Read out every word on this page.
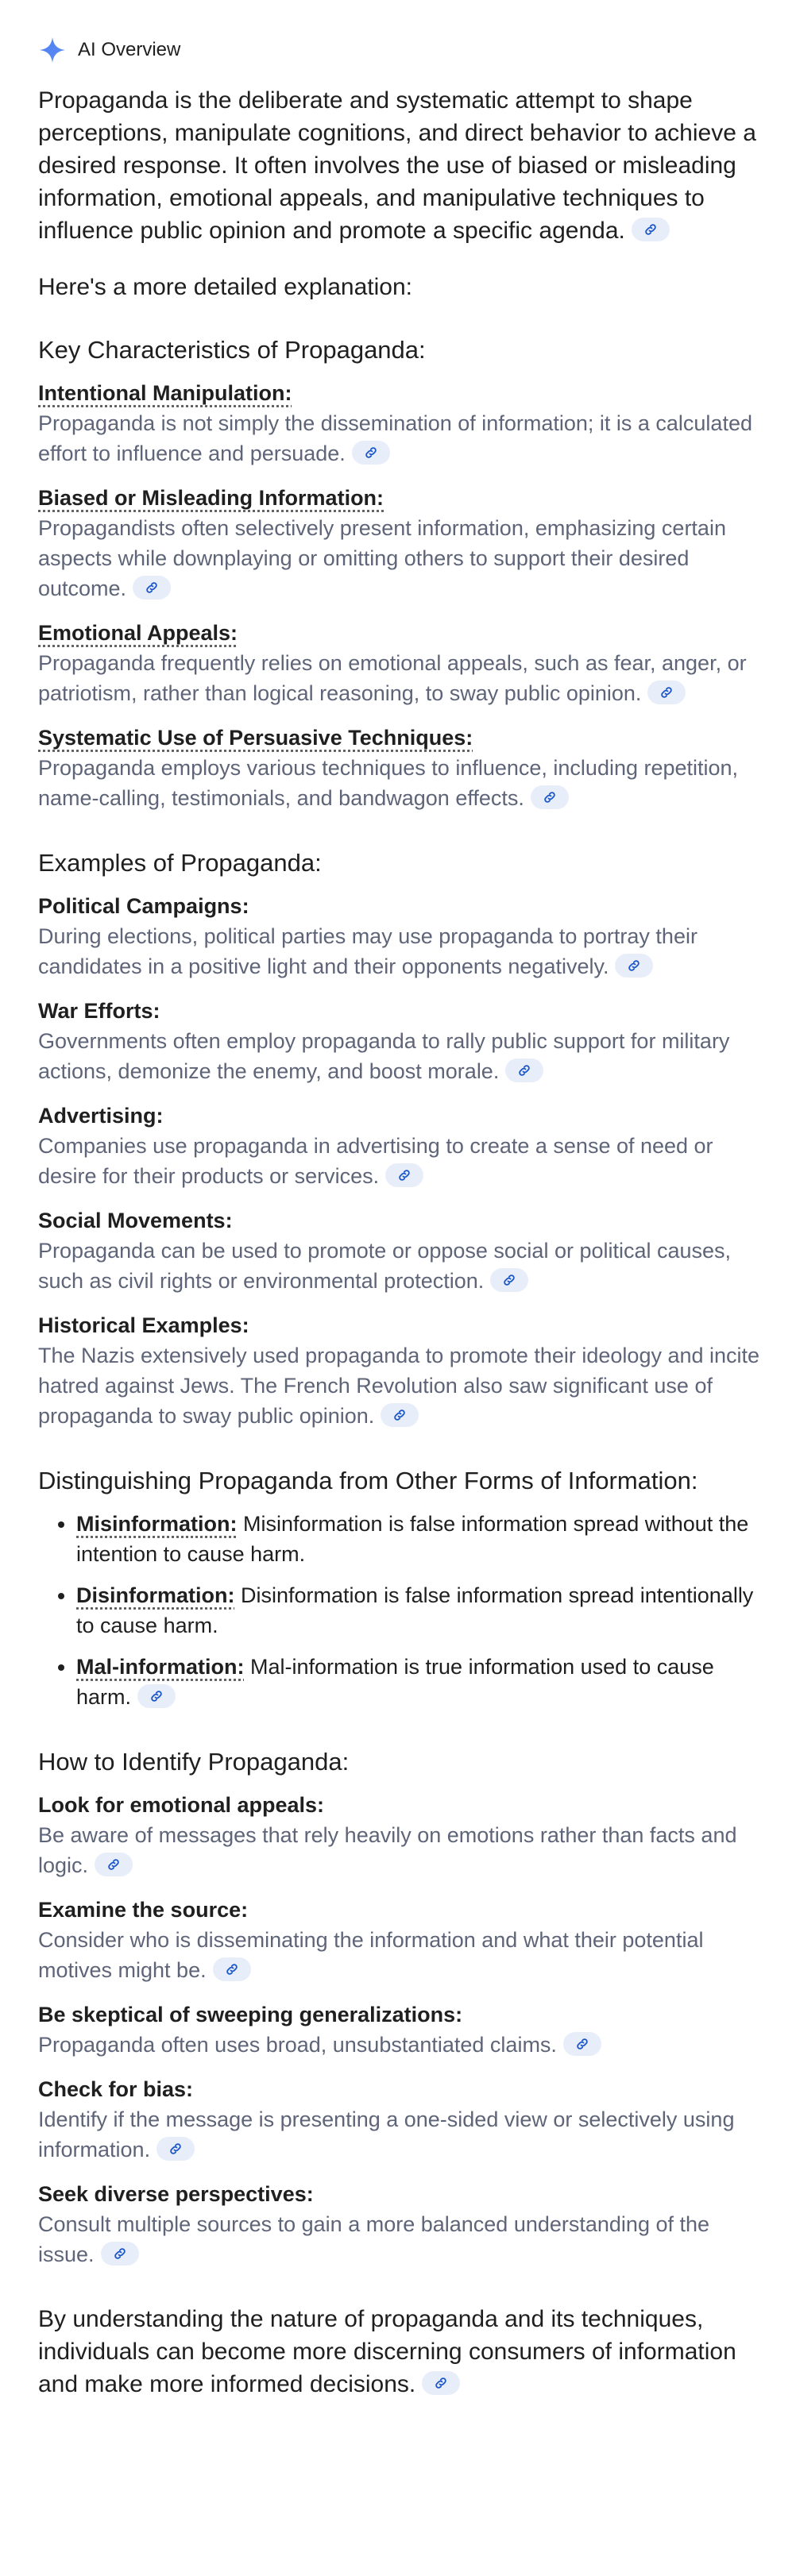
AI Overview

Propaganda is the deliberate and systematic attempt to shape perceptions, manipulate cognitions, and direct behavior to achieve a desired response. It often involves the use of biased or misleading information, emotional appeals, and manipulative techniques to influence public opinion and promote a specific agenda.

Here's a more detailed explanation:

Key Characteristics of Propaganda:
Intentional Manipulation:
Propaganda is not simply the dissemination of information; it is a calculated effort to influence and persuade.
Biased or Misleading Information:
Propagandists often selectively present information, emphasizing certain aspects while downplaying or omitting others to support their desired outcome.
Emotional Appeals:
Propaganda frequently relies on emotional appeals, such as fear, anger, or patriotism, rather than logical reasoning, to sway public opinion.
Systematic Use of Persuasive Techniques:
Propaganda employs various techniques to influence, including repetition, name-calling, testimonials, and bandwagon effects.
Examples of Propaganda:
Political Campaigns:
During elections, political parties may use propaganda to portray their candidates in a positive light and their opponents negatively.
War Efforts:
Governments often employ propaganda to rally public support for military actions, demonize the enemy, and boost morale.
Advertising:
Companies use propaganda in advertising to create a sense of need or desire for their products or services.
Social Movements:
Propaganda can be used to promote or oppose social or political causes, such as civil rights or environmental protection.
Historical Examples:
The Nazis extensively used propaganda to promote their ideology and incite hatred against Jews. The French Revolution also saw significant use of propaganda to sway public opinion.
Distinguishing Propaganda from Other Forms of Information:
• Misinformation: Misinformation is false information spread without the intention to cause harm.
• Disinformation: Disinformation is false information spread intentionally to cause harm.
• Mal-information: Mal-information is true information used to cause harm.
How to Identify Propaganda:
Look for emotional appeals:
Be aware of messages that rely heavily on emotions rather than facts and logic.
Examine the source:
Consider who is disseminating the information and what their potential motives might be.
Be skeptical of sweeping generalizations:
Propaganda often uses broad, unsubstantiated claims.
Check for bias:
Identify if the message is presenting a one-sided view or selectively using information.
Seek diverse perspectives:
Consult multiple sources to gain a more balanced understanding of the issue.

By understanding the nature of propaganda and its techniques, individuals can become more discerning consumers of information and make more informed decisions.
